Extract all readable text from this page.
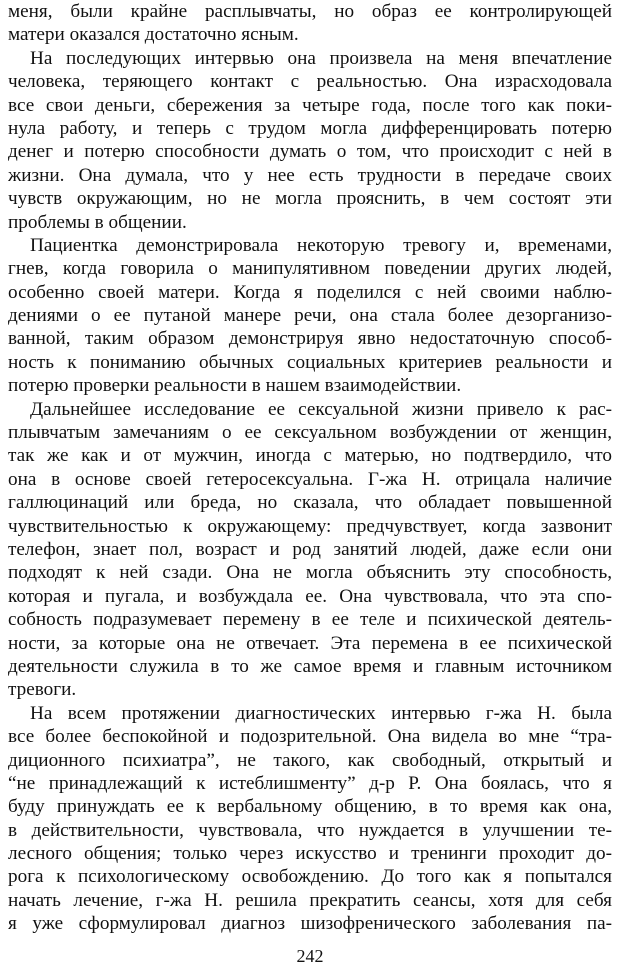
меня, были крайне расплывчаты, но образ ее контролирующей
матери оказался достаточно ясным.
На последующих интервью она произвела на меня впечатление
человека, теряющего контакт с реальностью. Она израсходовала
все свои деньги, сбережения за четыре года, после того как поки-
нула работу, и теперь с трудом могла дифференцировать потерю
денег и потерю способности думать о том, что происходит с ней в
жизни. Она думала, что у нее есть трудности в передаче своих
чувств окружающим, но не могла прояснить, в чем состоят эти
проблемы в общении.
Пациентка демонстрировала некоторую тревогу и, временами,
гнев, когда говорила о манипулятивном поведении других людей,
особенно своей матери. Когда я поделился с ней своими наблю-
дениями о ее путаной манере речи, она стала более дезорганизо-
ванной, таким образом демонстрируя явно недостаточную способ-
ность к пониманию обычных социальных критериев реальности и
потерю проверки реальности в нашем взаимодействии.
Дальнейшее исследование ее сексуальной жизни привело к рас-
плывчатым замечаниям о ее сексуальном возбуждении от женщин,
так же как и от мужчин, иногда с матерью, но подтвердило, что
она в основе своей гетеросексуальна. Г-жа Н. отрицала наличие
галлюцинаций или бреда, но сказала, что обладает повышенной
чувствительностью к окружающему: предчувствует, когда зазвонит
телефон, знает пол, возраст и род занятий людей, даже если они
подходят к ней сзади. Она не могла объяснить эту способность,
которая и пугала, и возбуждала ее. Она чувствовала, что эта спо-
собность подразумевает перемену в ее теле и психической деятель-
ности, за которые она не отвечает. Эта перемена в ее психической
деятельности служила в то же самое время и главным источником
тревоги.
На всем протяжении диагностических интервью г-жа Н. была
все более беспокойной и подозрительной. Она видела во мне “тра-
диционного психиатра”, не такого, как свободный, открытый и
“не принадлежащий к истеблишменту” д-р Р. Она боялась, что я
буду принуждать ее к вербальному общению, в то время как она,
в действительности, чувствовала, что нуждается в улучшении те-
лесного общения; только через искусство и тренинги проходит до-
рога к психологическому освобождению. До того как я попытался
начать лечение, г-жа Н. решила прекратить сеансы, хотя для себя
я уже сформулировал диагноз шизофренического заболевания па-
242
